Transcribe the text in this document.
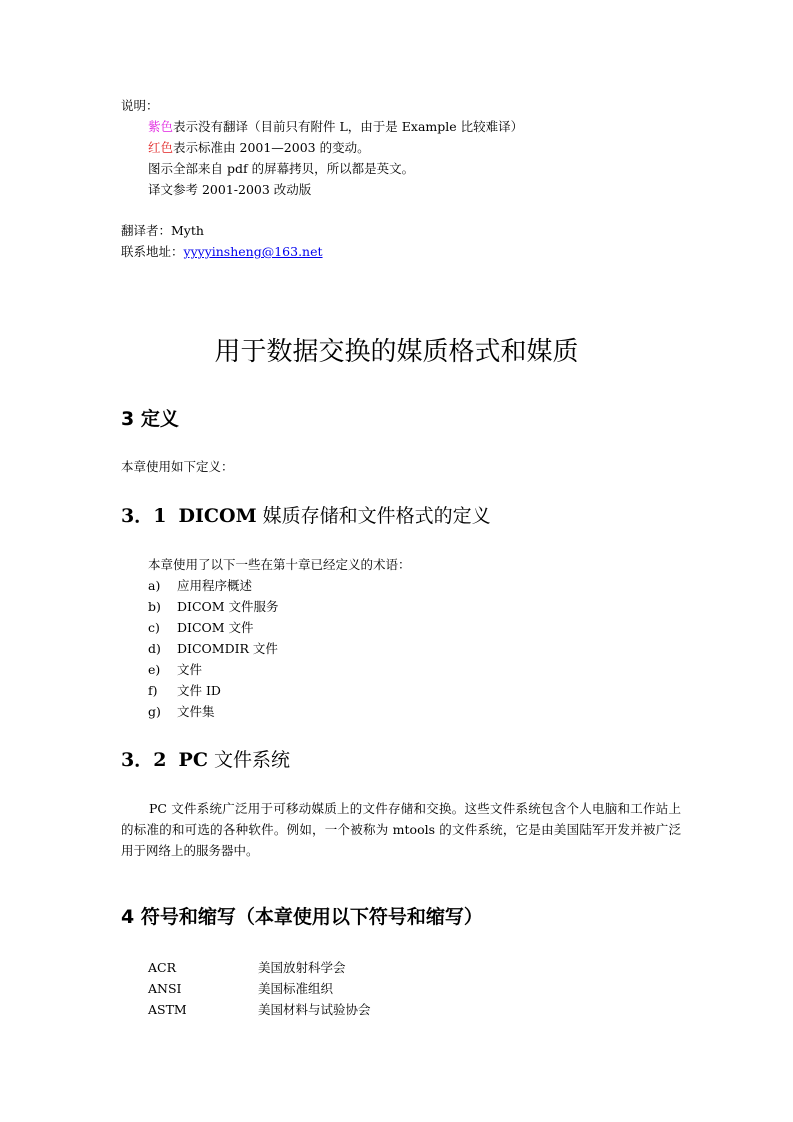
说明：
紫色表示没有翻译（目前只有附件 L，由于是 Example 比较难译）
红色表示标准由 2001—2003 的变动。
图示全部来自 pdf 的屏幕拷贝，所以都是英文。
译文参考 2001-2003 改动版
翻译者：Myth
联系地址：yyyyinsheng@163.net
用于数据交换的媒质格式和媒质
3 定义
本章使用如下定义：
3．1 DICOM 媒质存储和文件格式的定义
本章使用了以下一些在第十章已经定义的术语：
a) 应用程序概述
b) DICOM 文件服务
c) DICOM 文件
d) DICOMDIR 文件
e) 文件
f) 文件 ID
g) 文件集
3．2 PC 文件系统
PC 文件系统广泛用于可移动媒质上的文件存储和交换。这些文件系统包含个人电脑和工作站上的标准的和可选的各种软件。例如，一个被称为 mtools 的文件系统，它是由美国陆军开发并被广泛用于网络上的服务器中。
4 符号和缩写（本章使用以下符号和缩写）
ACR	美国放射科学会
ANSI	美国标准组织
ASTM	美国材料与试验协会
